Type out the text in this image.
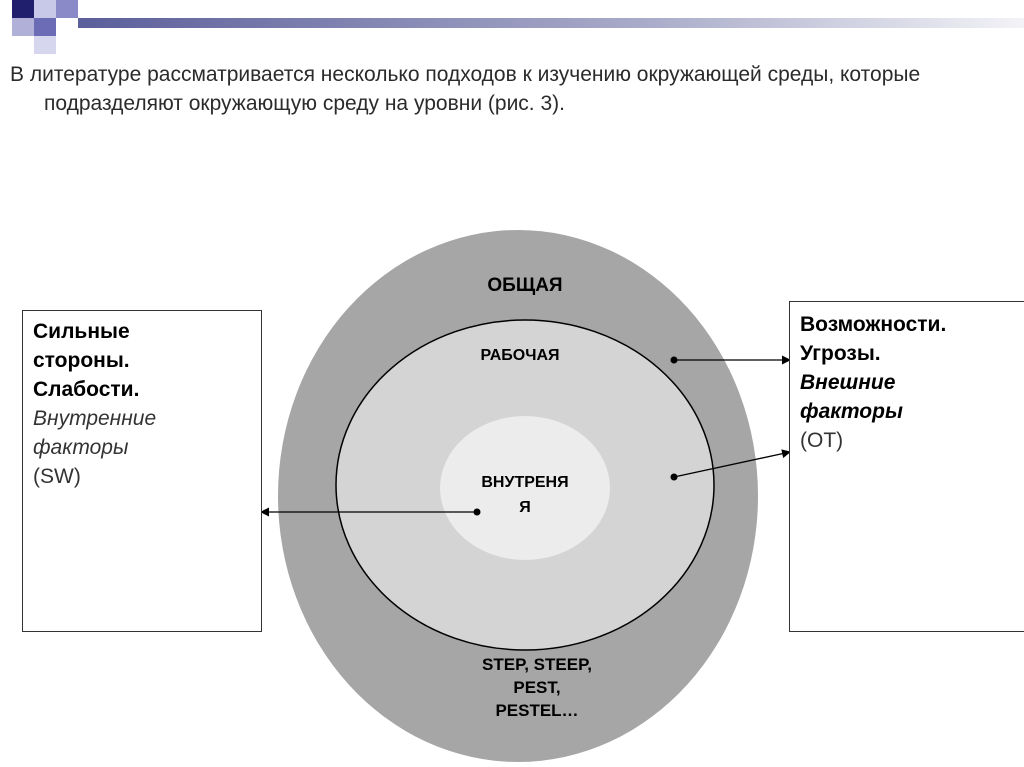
В литературе рассматривается несколько подходов к изучению окружающей среды, которые подразделяют окружающую среду на уровни (рис. 3).

ОБЩАЯ
РАБОЧАЯ
ВНУТРЕНЯ
Я
STEP, STEEP,
PEST,
PESTEL…
Сильные
стороны.
Слабости.
Внутренние
факторы
(SW)
Возможности.
Угрозы.
Внешние
факторы
(ОТ)
